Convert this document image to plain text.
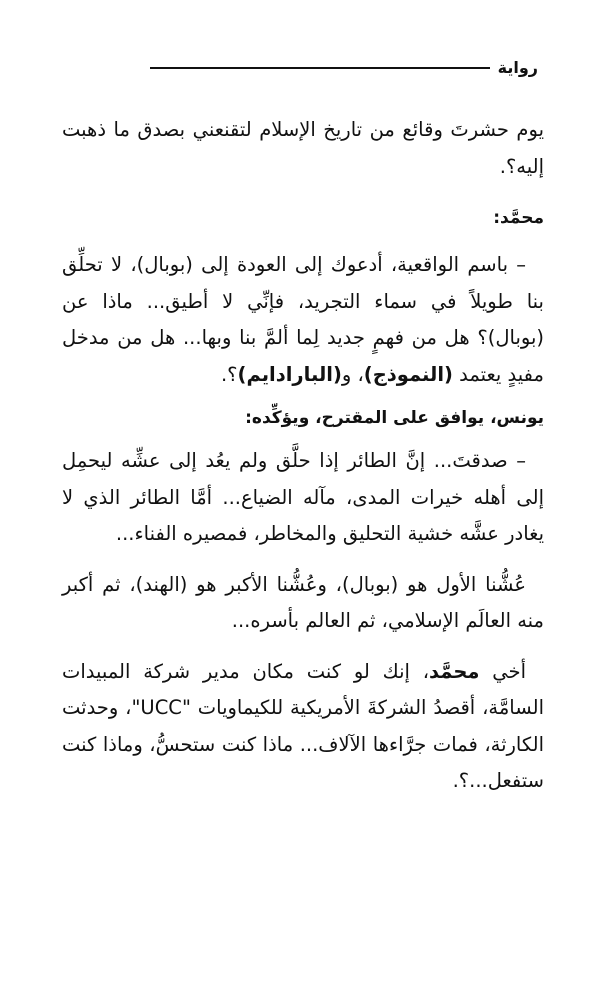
رواية

يوم حشرتَ وقائع من تاريخ الإسلام لتقنعني بصدق ما ذهبت إليه؟.

محمَّد:

– باسم الواقعية، أدعوك إلى العودة إلى (بوبال)، لا تحلِّق بنا طويلاً في سماء التجريد، فإنِّي لا أطيق... ماذا عن (بوبال)؟ هل من فهمٍ جديد لِما ألمَّ بنا وبها... هل من مدخل مفيدٍ يعتمد (النموذج)، و(البارادايم)؟.

يونس، يوافق على المقترح، ويؤكِّده:

– صدقتَ... إنَّ الطائر إذا حلَّق ولم يعُد إلى عشِّه ليحمِل إلى أهله خيرات المدى، مآله الضياع... أمَّا الطائر الذي لا يغادر عشَّه خشية التحليق والمخاطر، فمصيره الفناء...

عُشُّنا الأول هو (بوبال)، وعُشُّنا الأكبر هو (الهند)، ثم أكبر منه العالَم الإسلامي، ثم العالم بأسره...

أخي محمَّد، إنك لو كنت مكان مدير شركة المبيدات السامَّة، أقصدُ الشركةَ الأمريكية للكيماويات "UCC"، وحدثت الكارثة، فمات جرَّاءها الآلاف... ماذا كنت ستحسُّ، وماذا كنت ستفعل...؟.
